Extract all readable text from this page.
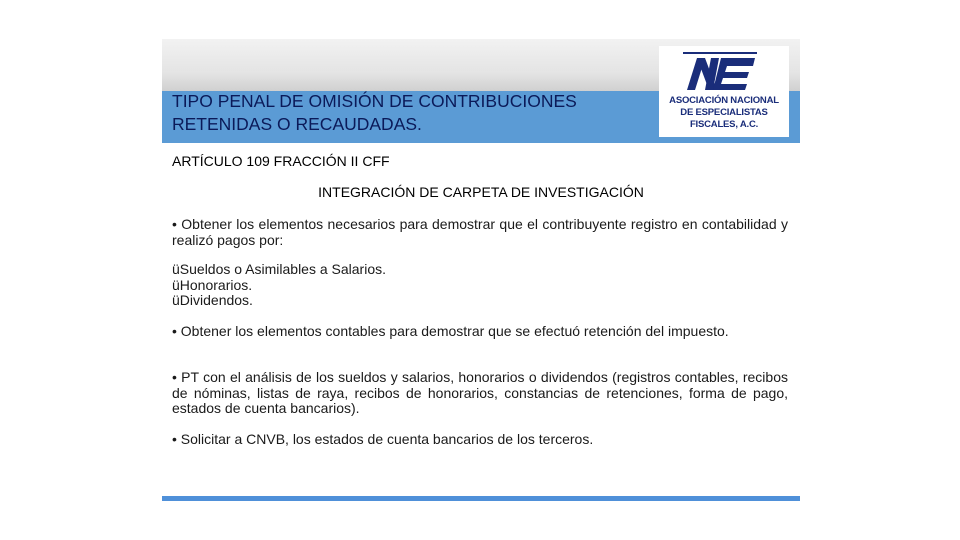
TIPO PENAL DE OMISIÓN DE CONTRIBUCIONES
RETENIDAS O RECAUDADAS.
ASOCIACIÓN NACIONAL
DE ESPECIALISTAS
FISCALES, A.C.
ARTÍCULO 109 FRACCIÓN II CFF
INTEGRACIÓN DE CARPETA DE INVESTIGACIÓN
• Obtener los elementos necesarios para demostrar que el contribuyente registro en contabilidad y realizó pagos por:
üSueldos o Asimilables a Salarios.
üHonorarios.
üDividendos.
• Obtener los elementos contables para demostrar que se efectuó retención del impuesto.
• PT con el análisis de los sueldos y salarios, honorarios o dividendos (registros contables, recibos de nóminas, listas de raya, recibos de honorarios, constancias de retenciones, forma de pago, estados de cuenta bancarios).
• Solicitar a CNVB, los estados de cuenta bancarios de los terceros.
